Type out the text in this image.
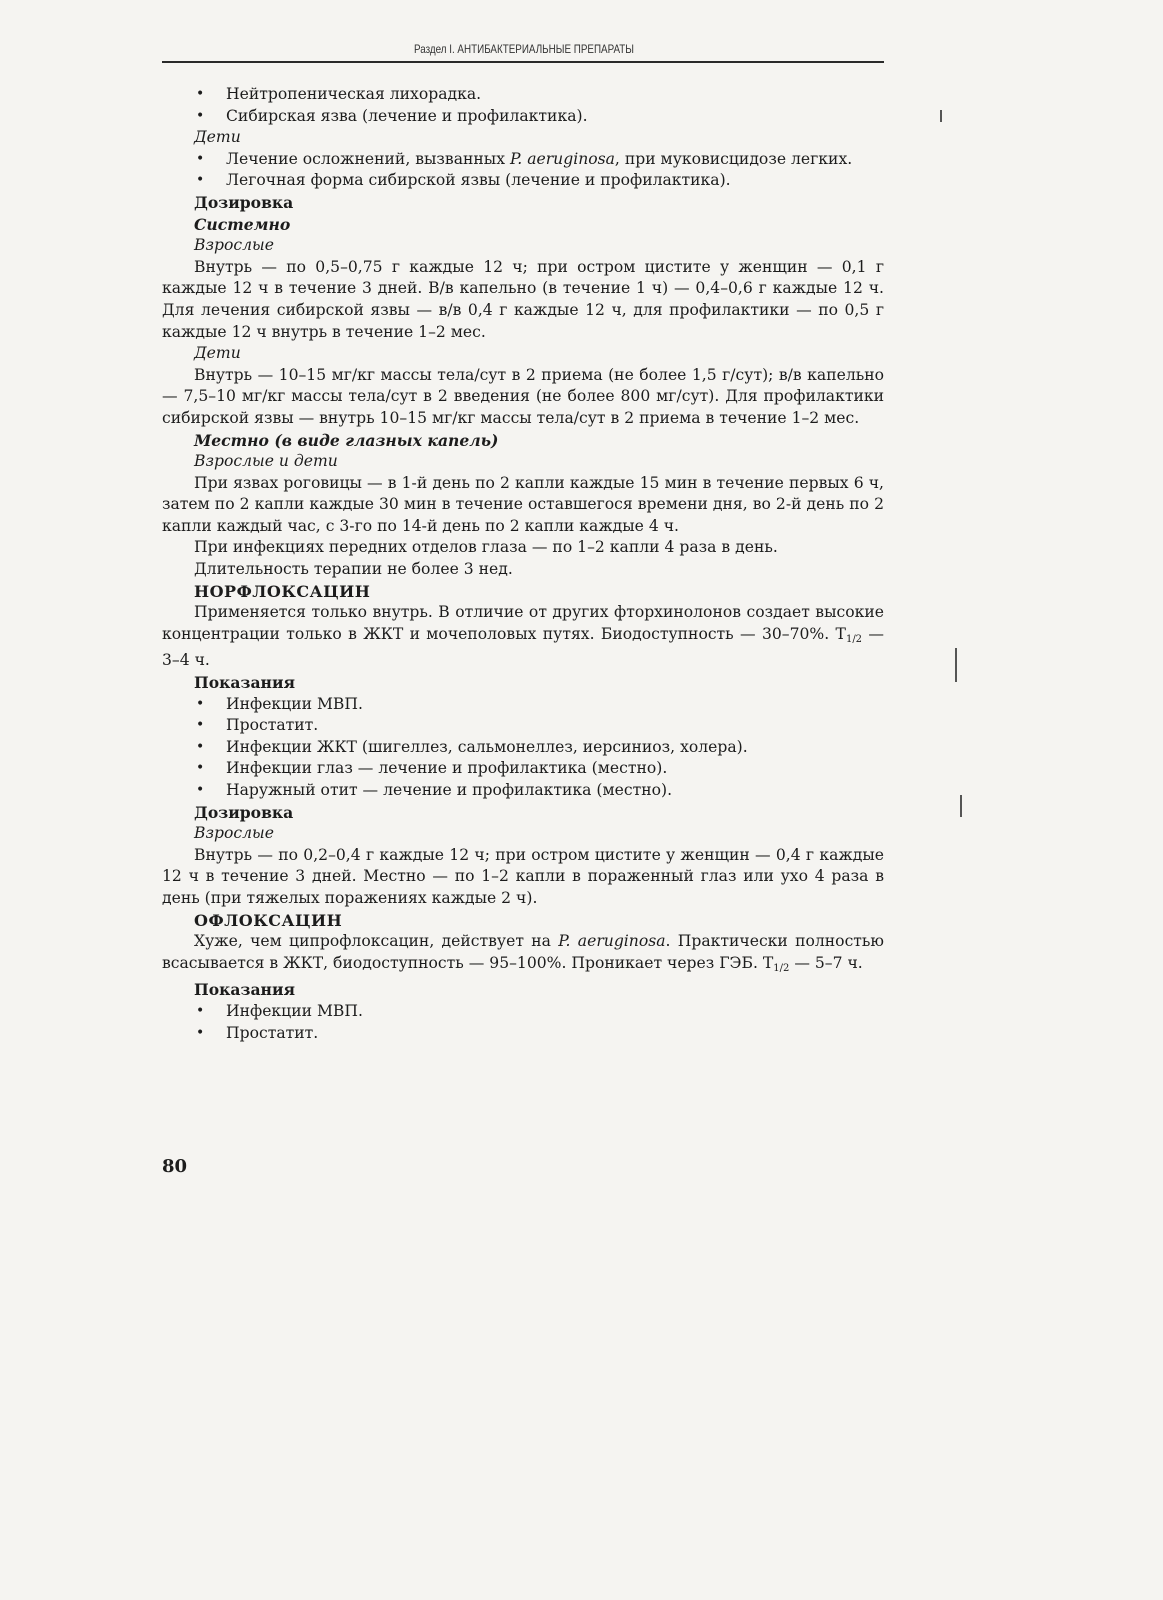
Раздел I. АНТИБАКТЕРИАЛЬНЫЕ ПРЕПАРАТЫ
• Нейтропеническая лихорадка.
• Сибирская язва (лечение и профилактика).

Дети

• Лечение осложнений, вызванных P. aeruginosa, при муковисцидозе легких.
• Легочная форма сибирской язвы (лечение и профилактика).

Дозировка

Системно

Взрослые

Внутрь — по 0,5–0,75 г каждые 12 ч; при остром цистите у женщин — 0,1 г каждые 12 ч в течение 3 дней. В/в капельно (в течение 1 ч) — 0,4–0,6 г каждые 12 ч. Для лечения сибирской язвы — в/в 0,4 г каждые 12 ч, для профилактики — по 0,5 г каждые 12 ч внутрь в течение 1–2 мес.

Дети

Внутрь — 10–15 мг/кг массы тела/сут в 2 приема (не более 1,5 г/сут); в/в капельно — 7,5–10 мг/кг массы тела/сут в 2 введения (не более 800 мг/сут). Для профилактики сибирской язвы — внутрь 10–15 мг/кг массы тела/сут в 2 приема в течение 1–2 мес.

Местно (в виде глазных капель)

Взрослые и дети

При язвах роговицы — в 1-й день по 2 капли каждые 15 мин в течение первых 6 ч, затем по 2 капли каждые 30 мин в течение оставшегося времени дня, во 2-й день по 2 капли каждый час, с 3-го по 14-й день по 2 капли каждые 4 ч.

При инфекциях передних отделов глаза — по 1–2 капли 4 раза в день.

Длительность терапии не более 3 нед.

НОРФЛОКСАЦИН

Применяется только внутрь. В отличие от других фторхинолонов создает высокие концентрации только в ЖКТ и мочеполовых путях. Биодоступность — 30–70%. $T_{1/2}$ — 3–4 ч.

Показания

• Инфекции МВП.
• Простатит.
• Инфекции ЖКТ (шигеллез, сальмонеллез, иерсиниоз, холера).
• Инфекции глаз — лечение и профилактика (местно).
• Наружный отит — лечение и профилактика (местно).

Дозировка

Взрослые

Внутрь — по 0,2–0,4 г каждые 12 ч; при остром цистите у женщин — 0,4 г каждые 12 ч в течение 3 дней. Местно — по 1–2 капли в пораженный глаз или ухо 4 раза в день (при тяжелых поражениях каждые 2 ч).

ОФЛОКСАЦИН

Хуже, чем ципрофлоксацин, действует на P. aeruginosa. Практически полностью всасывается в ЖКТ, биодоступность — 95–100%. Проникает через ГЭБ. $T_{1/2}$ — 5–7 ч.

Показания

• Инфекции МВП.
• Простатит.
80
